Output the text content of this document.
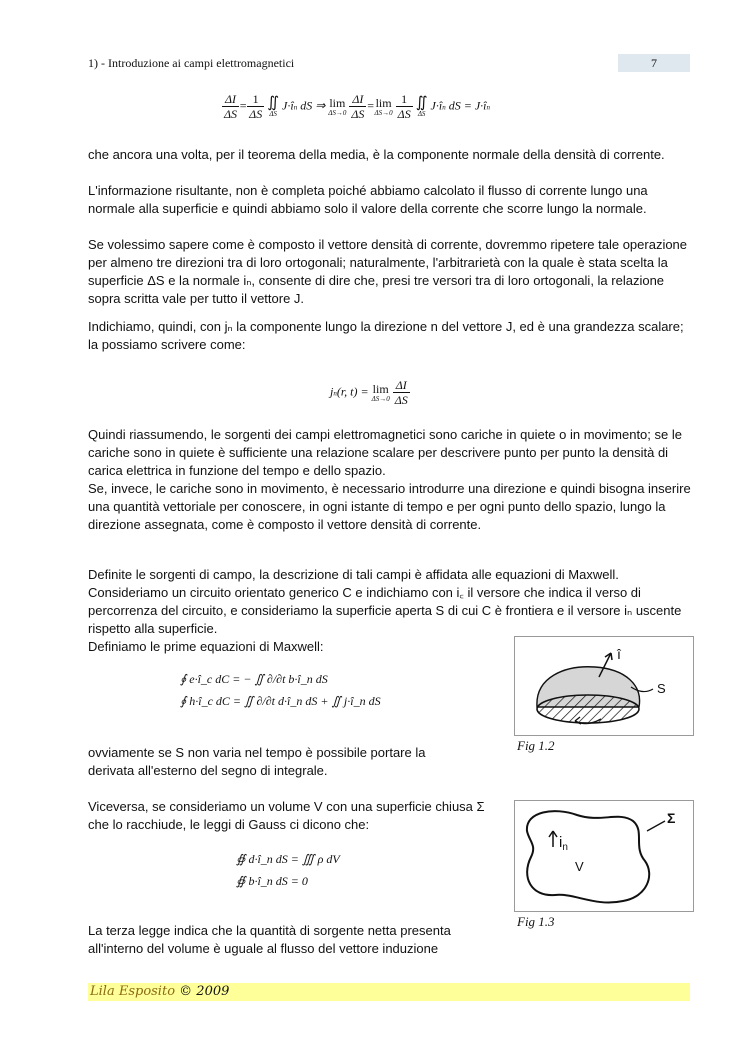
1) - Introduzione ai campi elettromagnetici	7
$\frac{\Delta I}{\Delta S} = \frac{1}{\Delta S}$
∬
ΔS
J·în dS ⇒ lim
ΔS→0
$\frac{\Delta I}{\Delta S} = \lim$
ΔS→0
$\frac{1}{\Delta S}$
∬
ΔS
J·în dS = J·în

che ancora una volta, per il teorema della media, è la componente normale della densità di corrente.

L'informazione risultante, non è completa poiché abbiamo calcolato il flusso di corrente lungo una normale alla superficie e quindi abbiamo solo il valore della corrente che scorre lungo la normale.

Se volessimo sapere come è composto il vettore densità di corrente, dovremmo ripetere tale operazione per almeno tre direzioni tra di loro ortogonali; naturalmente, l'arbitrarietà con la quale è stata scelta la superficie ΔS e la normale iₙ, consente di dire che, presi tre versori tra di loro ortogonali, la relazione sopra scritta vale per tutto il vettore J.

Indichiamo, quindi, con jₙ la componente lungo la direzione n del vettore J, ed è una grandezza scalare; la possiamo scrivere come:

jn(r, t) = lim
ΔS→0
$\frac{\Delta I}{\Delta S}$

Quindi riassumendo, le sorgenti dei campi elettromagnetici sono cariche in quiete o in movimento; se le cariche sono in quiete è sufficiente una relazione scalare per descrivere punto per punto la densità di carica elettrica in funzione del tempo e dello spazio.

Se, invece, le cariche sono in movimento, è necessario introdurre una direzione e quindi bisogna inserire una quantità vettoriale per conoscere, in ogni istante di tempo e per ogni punto dello spazio, lungo la direzione assegnata, come è composto il vettore densità di corrente.

Definite le sorgenti di campo, la descrizione di tali campi è affidata alle equazioni di Maxwell. Consideriamo un circuito orientato generico C e indichiamo con i꜀ il versore che indica il verso di percorrenza del circuito, e consideriamo la superficie aperta S di cui C è frontiera e il versore iₙ uscente rispetto alla superficie.

Definiamo le prime equazioni di Maxwell:

∮ e·î_c dC = − ∬ ∂/∂t b·î_n dS
∮ h·î_c dC = ∬ ∂/∂t d·î_n dS + ∬ j·î_n dS

ovviamente se S non varia nel tempo è possibile portare la derivata all'esterno del segno di integrale.

Viceversa, se consideriamo un volume V con una superficie chiusa Σ che lo racchiude, le leggi di Gauss ci dicono che:

∯ d·î_n dS = ∭ ρ dV
∯ b·î_n dS = 0

La terza legge indica che la quantità di sorgente netta presenta all'interno del volume è uguale al flusso del vettore induzione

î
S
Fig 1.2
$i_n$
V
Σ
Fig 1.3
Lila Esposito © 2009
